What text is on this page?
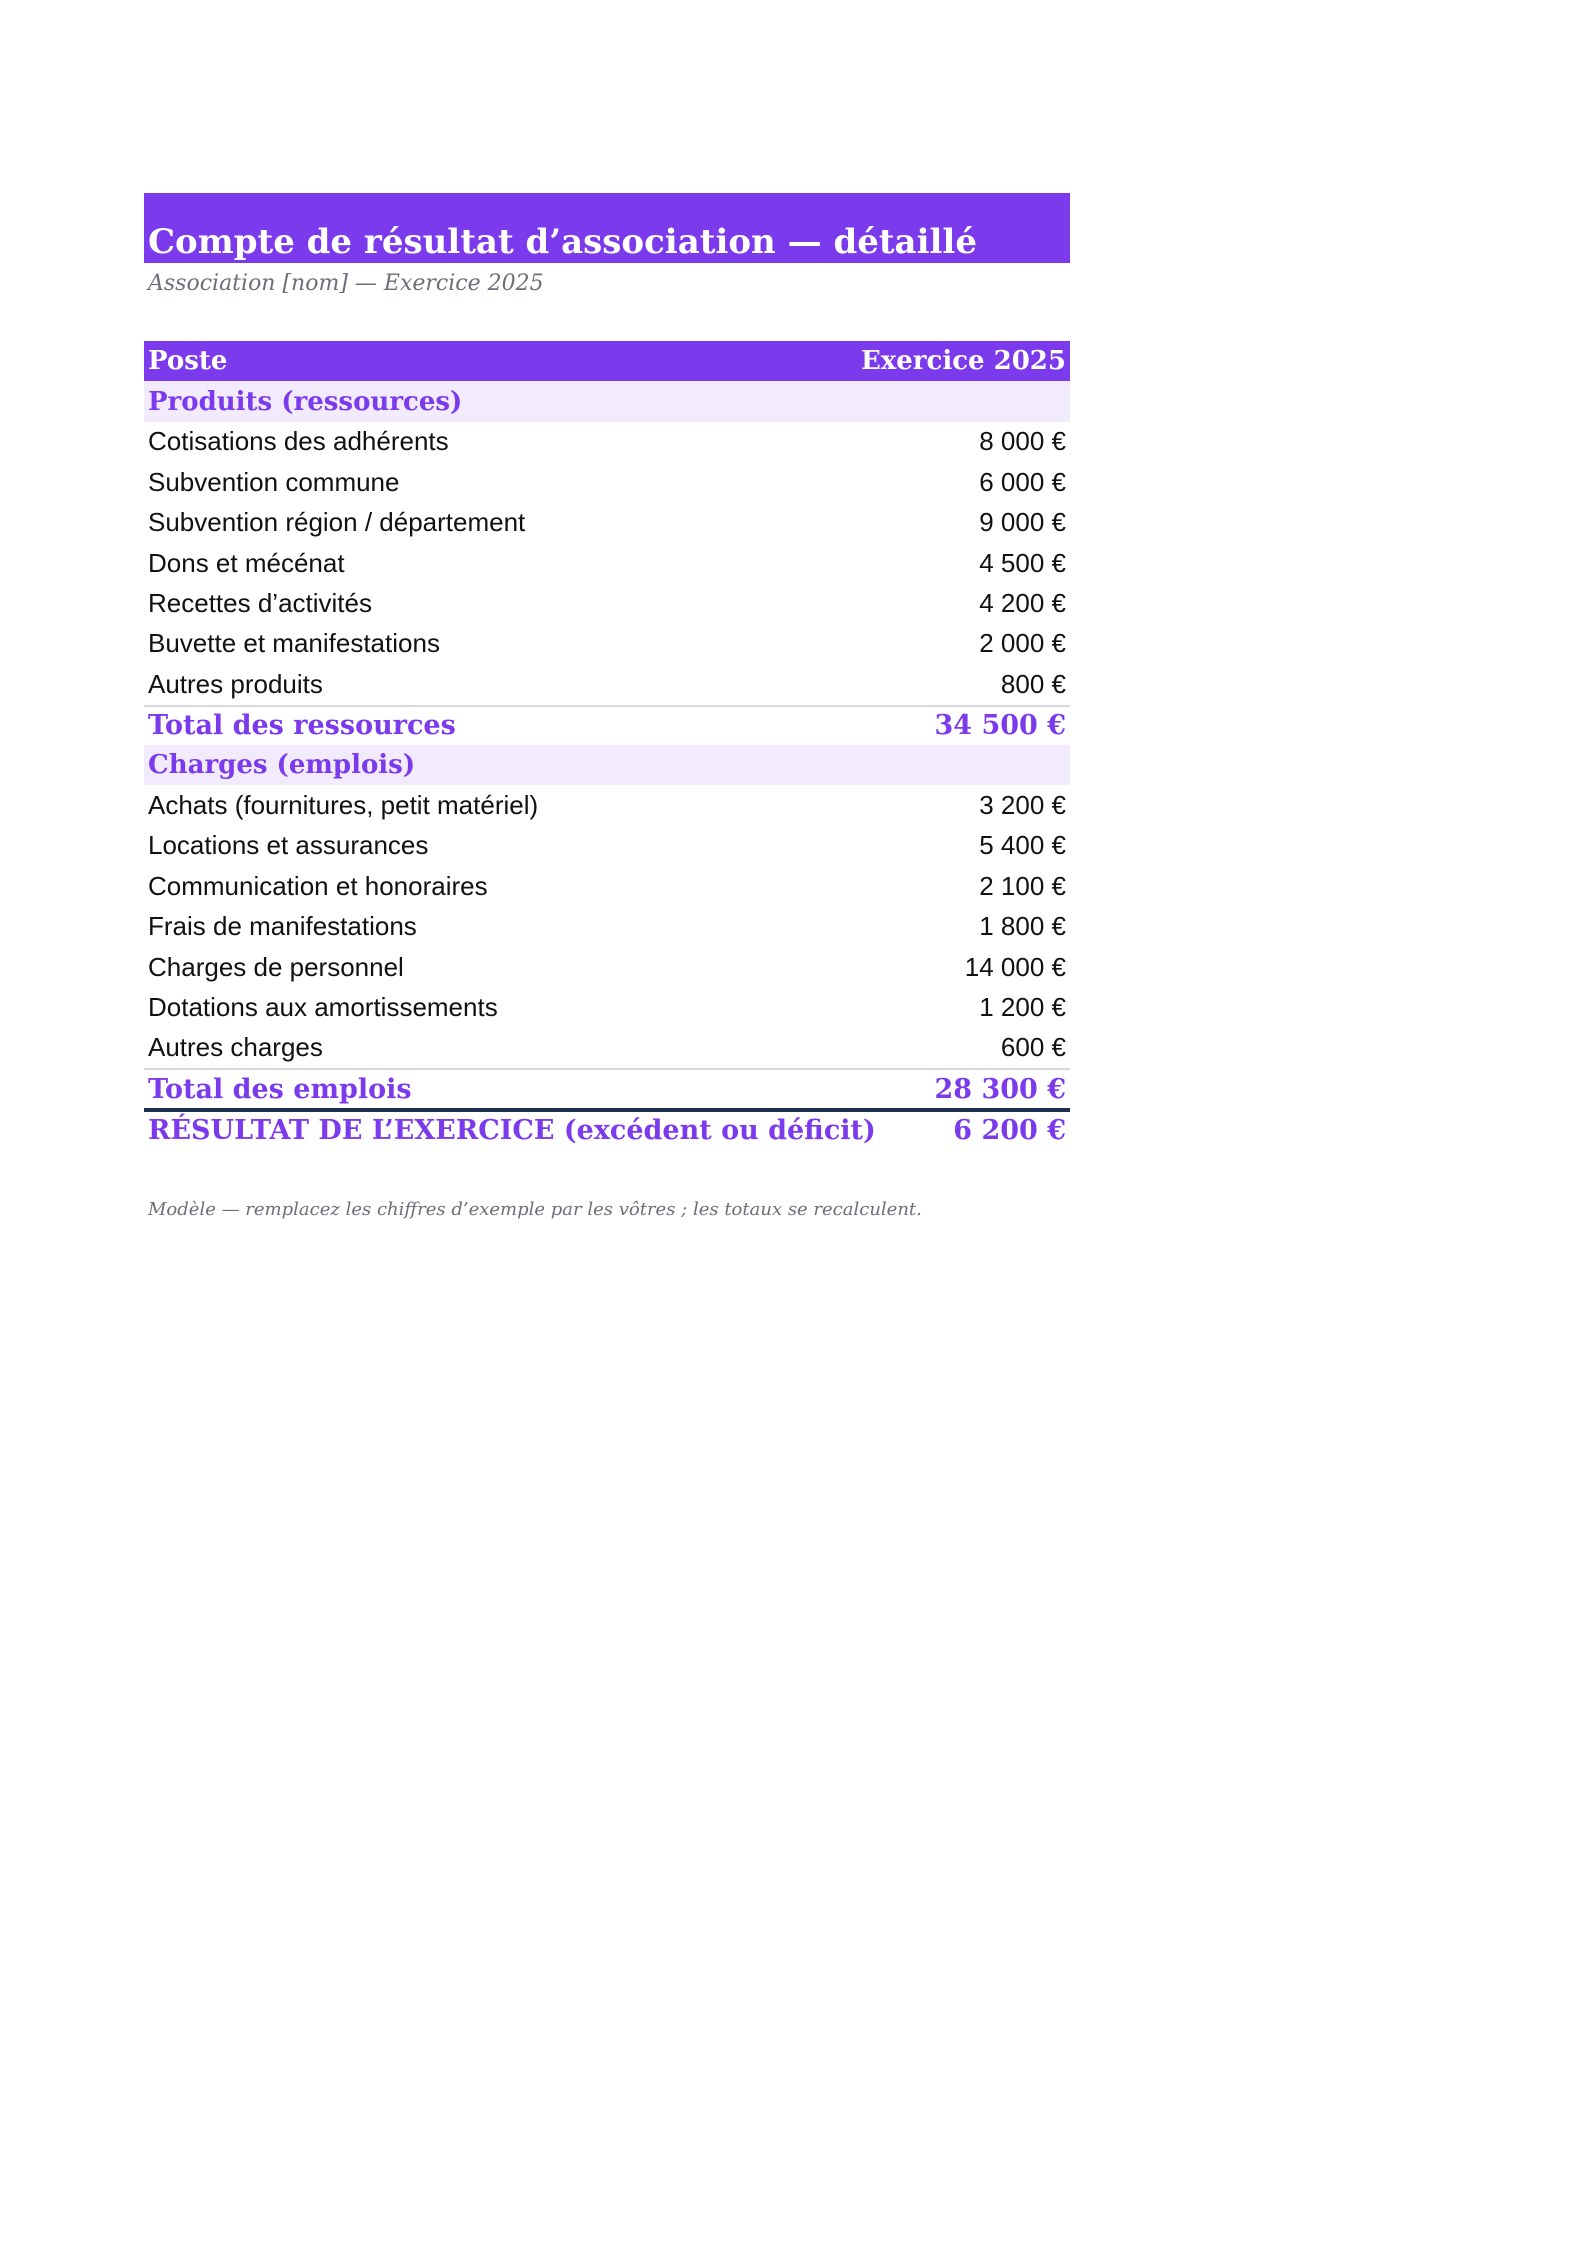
Compte de résultat d’association — détaillé
Association [nom] — Exercice 2025
Poste	Exercice 2025
Produits (ressources)
Cotisations des adhérents	8 000 €
Subvention commune	6 000 €
Subvention région / département	9 000 €
Dons et mécénat	4 500 €
Recettes d’activités	4 200 €
Buvette et manifestations	2 000 €
Autres produits	800 €
Total des ressources	34 500 €
Charges (emplois)
Achats (fournitures, petit matériel)	3 200 €
Locations et assurances	5 400 €
Communication et honoraires	2 100 €
Frais de manifestations	1 800 €
Charges de personnel	14 000 €
Dotations aux amortissements	1 200 €
Autres charges	600 €
Total des emplois	28 300 €
RÉSULTAT DE L’EXERCICE (excédent ou déficit)	6 200 €
Modèle — remplacez les chiffres d’exemple par les vôtres ; les totaux se recalculent.
